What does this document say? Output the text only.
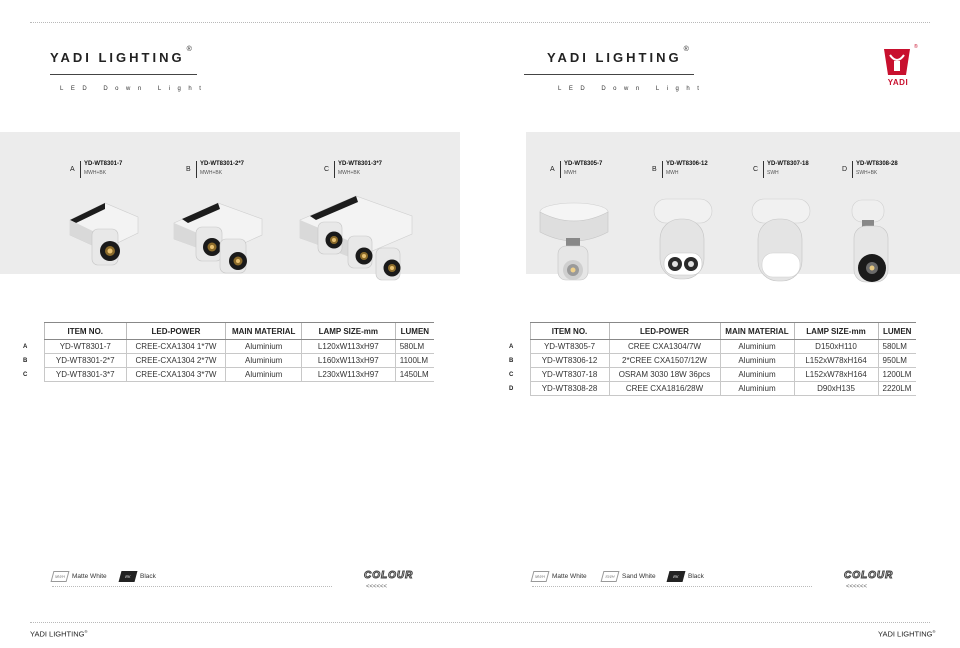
YADI LIGHTING®
LED Down Light
A
YD-WT8301-7
MWH+BK	B
YD-WT8301-2*7
MWH+BK	C
YD-WT8301-3*7
MWH+BK
	ITEM NO.	LED-POWER	MAIN MATERIAL	LAMP SIZE-mm	LUMEN
A	YD-WT8301-7	CREE-CXA1304 1*7W	Aluminium	L120xW113xH97	580LM
B	YD-WT8301-2*7	CREE-CXA1304 2*7W	Aluminium	L160xW113xH97	1100LM
C	YD-WT8301-3*7	CREE-CXA1304 3*7W	Aluminium	L230xW113xH97	1450LM
MWH Matte White	BK	Black	COLOUR
<<<<<<
YADI LIGHTING®
YADI LIGHTING®
LED Down Light
A
YD-WT8305-7
MWH	B
YD-WT8306-12
MWH	C
YD-WT8307-18
SWH	D
YD-WT8308-28
SWH+BK
	ITEM NO.	LED-POWER	MAIN MATERIAL	LAMP SIZE-mm	LUMEN
A	YD-WT8305-7	CREE CXA1304/7W	Aluminium	D150xH110	580LM
B	YD-WT8306-12	2*CREE CXA1507/12W	Aluminium	L152xW78xH164	950LM
C	YD-WT8307-18	OSRAM 3030 18W 36pcs	Aluminium	L152xW78xH164	1200LM
D	YD-WT8308-28	CREE CXA1816/28W	Aluminium	D90xH135	2220LM
MWH Matte White	SWH	Sand White	BK	Black	COLOUR
<<<<<<
YADI LIGHTING®
®
YADI
